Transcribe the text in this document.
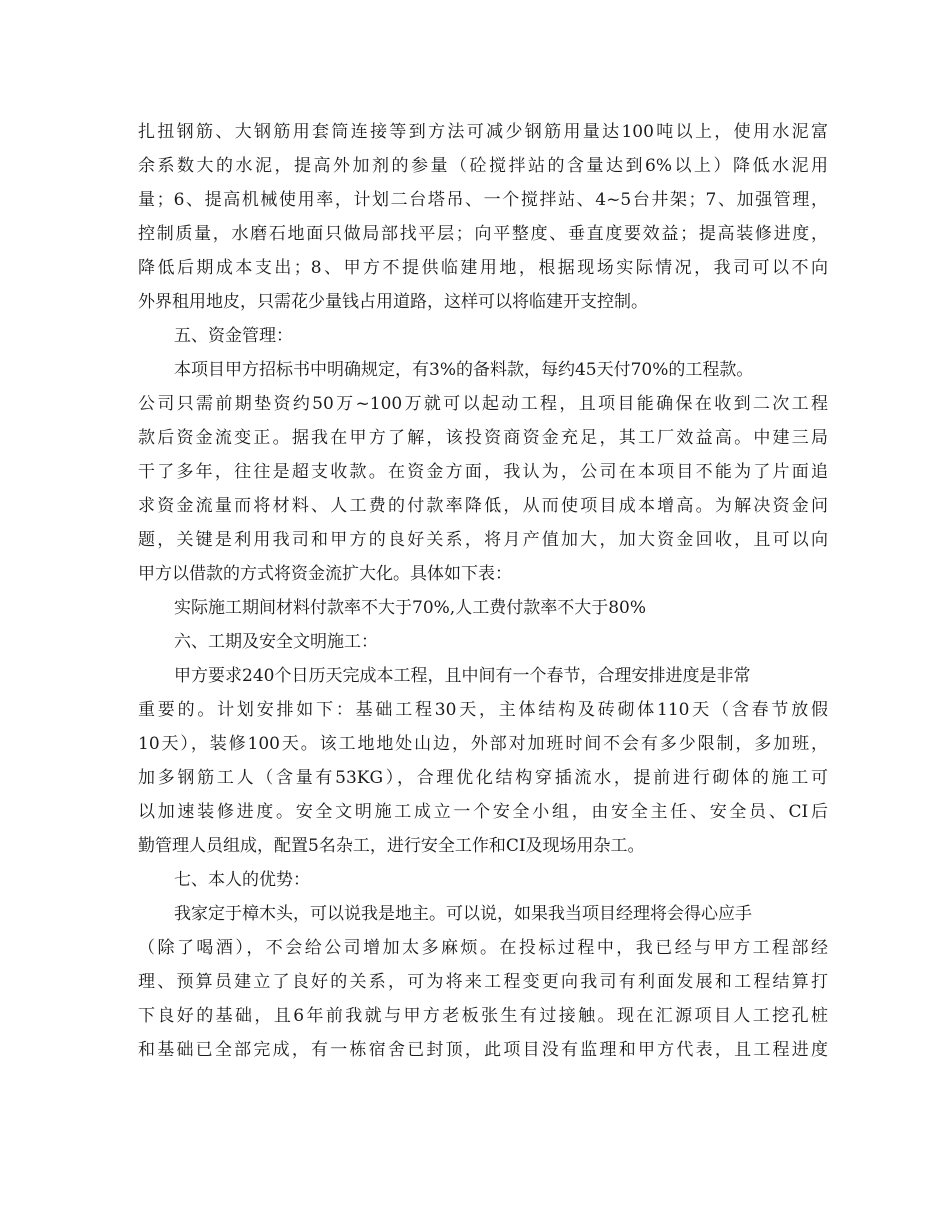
扎扭钢筋、大钢筋用套筒连接等到方法可减少钢筋用量达100吨以上，使用水泥富
余系数大的水泥，提高外加剂的参量（砼搅拌站的含量达到6%以上）降低水泥用
量；6、提高机械使用率，计划二台塔吊、一个搅拌站、4~5台井架；7、加强管理，
控制质量，水磨石地面只做局部找平层；向平整度、垂直度要效益；提高装修进度，
降低后期成本支出；8、甲方不提供临建用地，根据现场实际情况，我司可以不向
外界租用地皮，只需花少量钱占用道路，这样可以将临建开支控制。
五、资金管理：
本项目甲方招标书中明确规定，有3%的备料款，每约45天付70%的工程款。
公司只需前期垫资约50万~100万就可以起动工程，且项目能确保在收到二次工程
款后资金流变正。据我在甲方了解，该投资商资金充足，其工厂效益高。中建三局
干了多年，往往是超支收款。在资金方面，我认为，公司在本项目不能为了片面追
求资金流量而将材料、人工费的付款率降低，从而使项目成本增高。为解决资金问
题，关键是利用我司和甲方的良好关系，将月产值加大，加大资金回收，且可以向
甲方以借款的方式将资金流扩大化。具体如下表：
实际施工期间材料付款率不大于70%,人工费付款率不大于80%
六、工期及安全文明施工：
甲方要求240个日历天完成本工程，且中间有一个春节，合理安排进度是非常
重要的。计划安排如下：基础工程30天，主体结构及砖砌体110天（含春节放假
10天），装修100天。该工地地处山边，外部对加班时间不会有多少限制，多加班，
加多钢筋工人（含量有53KG），合理优化结构穿插流水，提前进行砌体的施工可
以加速装修进度。安全文明施工成立一个安全小组，由安全主任、安全员、CI后
勤管理人员组成，配置5名杂工，进行安全工作和CI及现场用杂工。
七、本人的优势：
我家定于樟木头，可以说我是地主。可以说，如果我当项目经理将会得心应手
（除了喝酒），不会给公司增加太多麻烦。在投标过程中，我已经与甲方工程部经
理、预算员建立了良好的关系，可为将来工程变更向我司有利面发展和工程结算打
下良好的基础，且6年前我就与甲方老板张生有过接触。现在汇源项目人工挖孔桩
和基础已全部完成，有一栋宿舍已封顶，此项目没有监理和甲方代表，且工程进度
